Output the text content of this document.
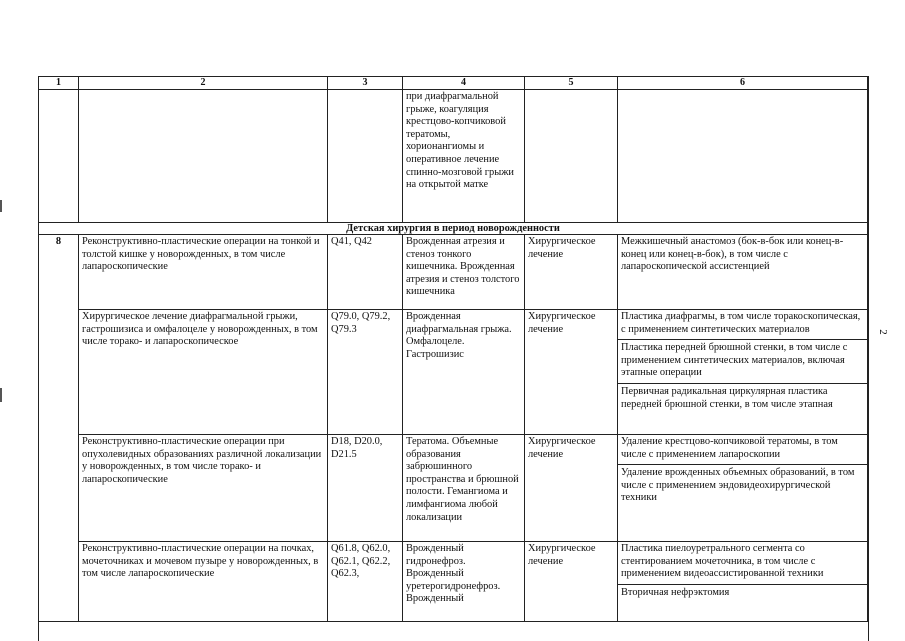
1	2	3	4	5	6
			при диафрагмальной грыже, коагуляция крестцово-копчиковой тератомы, хорионангиомы и оперативное лечение спинно-мозговой грыжи на открытой матке		
Детская хирургия в период новорожденности					
8	Реконструктивно-пластические операции на тонкой и толстой кишке у новорожденных, в том числе лапароскопические	Q41, Q42	Врожденная атрезия и стеноз тонкого кишечника. Врожденная атрезия и стеноз толстого кишечника	Хирургическое лечение	Межкишечный анастомоз (бок-в-бок или конец-в-конец или конец-в-бок), в том числе с лапароскопической ассистенцией

	Хирургическое лечение диафрагмальной грыжи, гастрошизиса и омфалоцеле у новорожденных, в том числе торако- и лапароскопическое	Q79.0, Q79.2, Q79.3	Врожденная диафрагмальная грыжа. Омфалоцеле. Гастрошизис	Хирургическое лечение	Пластика диафрагмы, в том числе торакоскопическая, с применением синтетических материалов

Пластика передней брюшной стенки, в том числе с применением синтетических материалов, включая этапные операции

Первичная радикальная циркулярная пластика передней брюшной стенки, в том числе этапная

	Реконструктивно-пластические операции при опухолевидных образованиях различной локализации у новорожденных, в том числе торако- и лапароскопические	D18, D20.0, D21.5	Тератома. Объемные образования забрюшинного пространства и брюшной полости. Гемангиома и лимфангиома любой локализации	Хирургическое лечение	Удаление крестцово-копчиковой тератомы, в том числе с применением лапароскопии

Удаление врожденных объемных образований, в том числе с применением эндовидеохирургической техники

	Реконструктивно-пластические операции на почках, мочеточниках и мочевом пузыре у новорожденных, в том числе лапароскопические	Q61.8, Q62.0, Q62.1, Q62.2, Q62.3,	Врожденный гидронефроз. Врожденный уретерогидронефроз. Врожденный	Хирургическое лечение	Пластика пиелоуретрального сегмента со стентированием мочеточника, в том числе с применением видеоассистированной техники

Вторичная нефрэктомия

2
